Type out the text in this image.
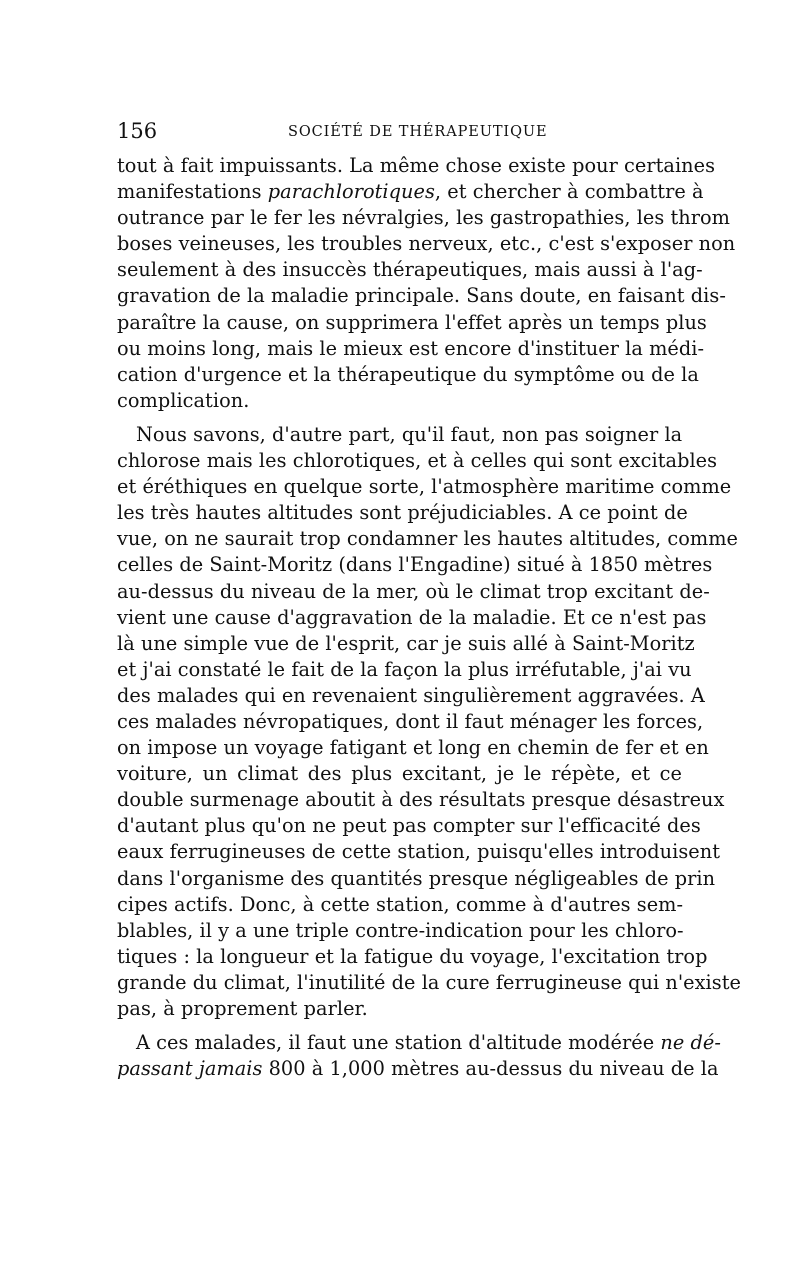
156	SOCIÉTÉ DE THÉRAPEUTIQUE
tout à fait impuissants. La même chose existe pour certaines
manifestations parachlorotiques, et chercher à combattre à
outrance par le fer les névralgies, les gastropathies, les throm
boses veineuses, les troubles nerveux, etc., c'est s'exposer non
seulement à des insuccès thérapeutiques, mais aussi à l'ag-
gravation de la maladie principale. Sans doute, en faisant dis-
paraître la cause, on supprimera l'effet après un temps plus
ou moins long, mais le mieux est encore d'instituer la médi-
cation d'urgence et la thérapeutique du symptôme ou de la
complication.
Nous savons, d'autre part, qu'il faut, non pas soigner la
chlorose mais les chlorotiques, et à celles qui sont excitables
et éréthiques en quelque sorte, l'atmosphère maritime comme
les très hautes altitudes sont préjudiciables. A ce point de
vue, on ne saurait trop condamner les hautes altitudes, comme
celles de Saint-Moritz (dans l'Engadine) situé à 1850 mètres
au-dessus du niveau de la mer, où le climat trop excitant de-
vient une cause d'aggravation de la maladie. Et ce n'est pas
là une simple vue de l'esprit, car je suis allé à Saint-Moritz
et j'ai constaté le fait de la façon la plus irréfutable, j'ai vu
des malades qui en revenaient singulièrement aggravées. A
ces malades névropatiques, dont il faut ménager les forces,
on impose un voyage fatigant et long en chemin de fer et en
voiture, un climat des plus excitant, je le répète, et ce
double surmenage aboutit à des résultats presque désastreux
d'autant plus qu'on ne peut pas compter sur l'efficacité des
eaux ferrugineuses de cette station, puisqu'elles introduisent
dans l'organisme des quantités presque négligeables de prin
cipes actifs. Donc, à cette station, comme à d'autres sem-
blables, il y a une triple contre-indication pour les chloro-
tiques : la longueur et la fatigue du voyage, l'excitation trop
grande du climat, l'inutilité de la cure ferrugineuse qui n'existe
pas, à proprement parler.
A ces malades, il faut une station d'altitude modérée ne dé-
passant jamais 800 à 1,000 mètres au-dessus du niveau de la
